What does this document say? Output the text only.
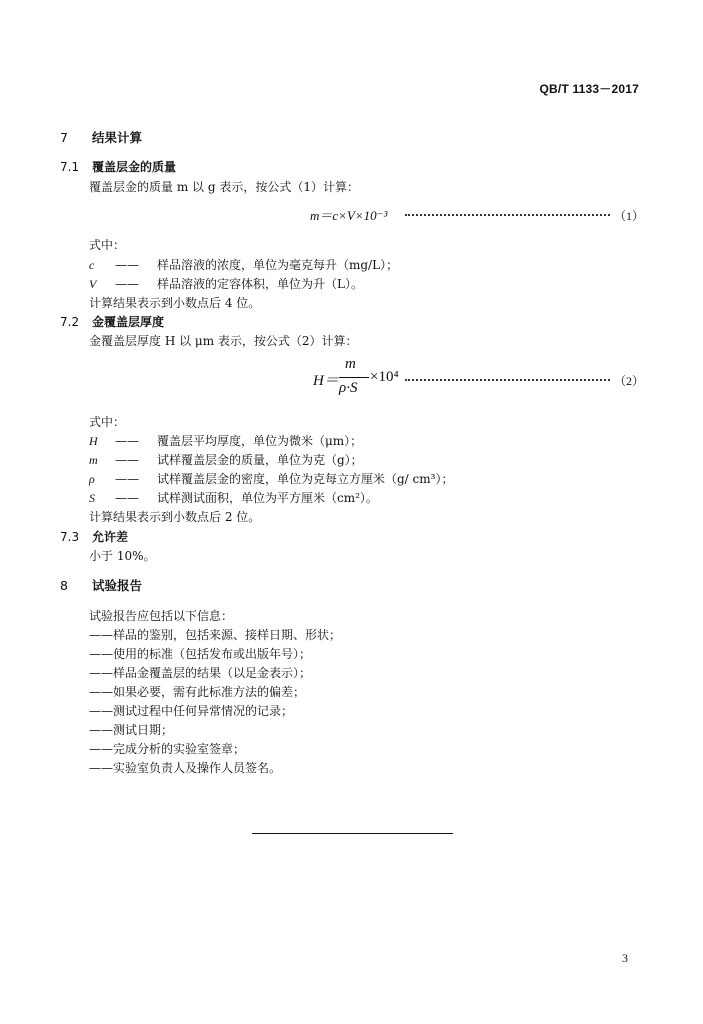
QB/T 1133－2017
7 结果计算
7.1 覆盖层金的质量
覆盖层金的质量 m 以 g 表示，按公式（1）计算：
m＝c×V×10⁻³	（1）
式中：
c —— 样品溶液的浓度，单位为毫克每升（mg/L）；
V —— 样品溶液的定容体积，单位为升（L）。
计算结果表示到小数点后 4 位。
7.2 金覆盖层厚度
金覆盖层厚度 H 以 μm 表示，按公式（2）计算：
H＝
m
ρ·S
×10⁴	（2）
式中：
H —— 覆盖层平均厚度，单位为微米（μm）；
m —— 试样覆盖层金的质量，单位为克（g）；
ρ —— 试样覆盖层金的密度，单位为克每立方厘米（g/ cm³）；
S —— 试样测试面积，单位为平方厘米（cm²）。
计算结果表示到小数点后 2 位。
7.3 允许差
小于 10%。
8 试验报告
试验报告应包括以下信息：
——样品的鉴别，包括来源、接样日期、形状；
——使用的标准（包括发布或出版年号）；
——样品金覆盖层的结果（以足金表示）；
——如果必要，需有此标准方法的偏差；
——测试过程中任何异常情况的记录；
——测试日期；
——完成分析的实验室签章；
——实验室负责人及操作人员签名。
3
